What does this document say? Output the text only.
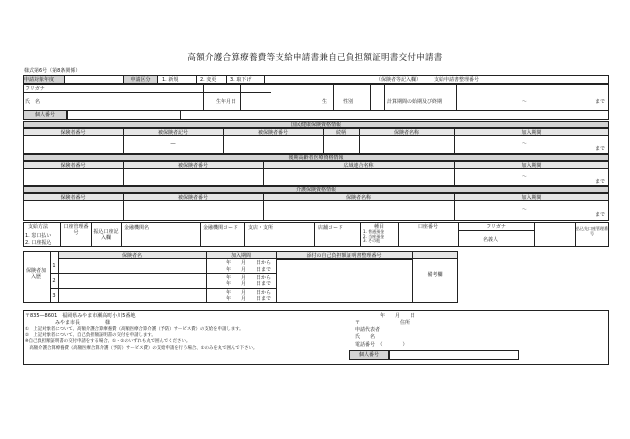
高額介護合算療養費等支給申請書兼自己負担額証明書交付申請書
様式第6号（第8条関係）
申請対象年度	申請区分	1. 新規	2. 変更	3. 取下げ	（保険者等記入欄）	支給申請書整理番号
フリガナ
氏　名	生年月日	生	性別	計算期間の始期及び終期	～	まで
個人番号
国民健康保険資格情報
保険者番号	被保険者記号	被保険者番号	続柄	保険者名称	加入期間
―	～
まで
後期高齢者医療資格情報
保険者番号	被保険者番号	広域連合名称	加入期間
～
まで
介護保険資格情報
保険者番号	被保険者番号	保険者名称	加入期間
～
まで
支給方法
1. 窓口払い
2. 口座振込
口座管理番号	振込口座記入欄
金融機関名	金融機関コード 支店・支所	店舗コード	種目
1. 普通預金
2. 当座預金
3. その他
口座番号	フリガナ
名義人
払込先口座管理番号
保険者加入歴
保険者名	加入期間	添付の自己負担額証明書整理番号
備考欄
1	年　　月　　日から
年　　月　　日まで
2
年　　月　　日から
年　　月　　日まで
3
年　　月　　日から
年　　月　　日まで
〒835—8601　福岡県みやま市瀬高町小川5番地
みやま市長　　　　　様
①　上記対象者について、高額介護合算療養費（高額医療合算介護（予防）サービス費）の支給を申請します。
②　上記対象者について、自己負担額証明書の交付を申請します。
※自己負担額証明書の交付申請をする場合、①・②のいずれも丸で囲んでください。
　高額介護合算療養費（高額医療合算介護（予防）サービス費）の支給申請を行う場合、①のみを丸で囲んで下さい。
年　　月　　日
〒	住所
申請代表者
氏　　名
電話番号　（　　　　）
個人番号
